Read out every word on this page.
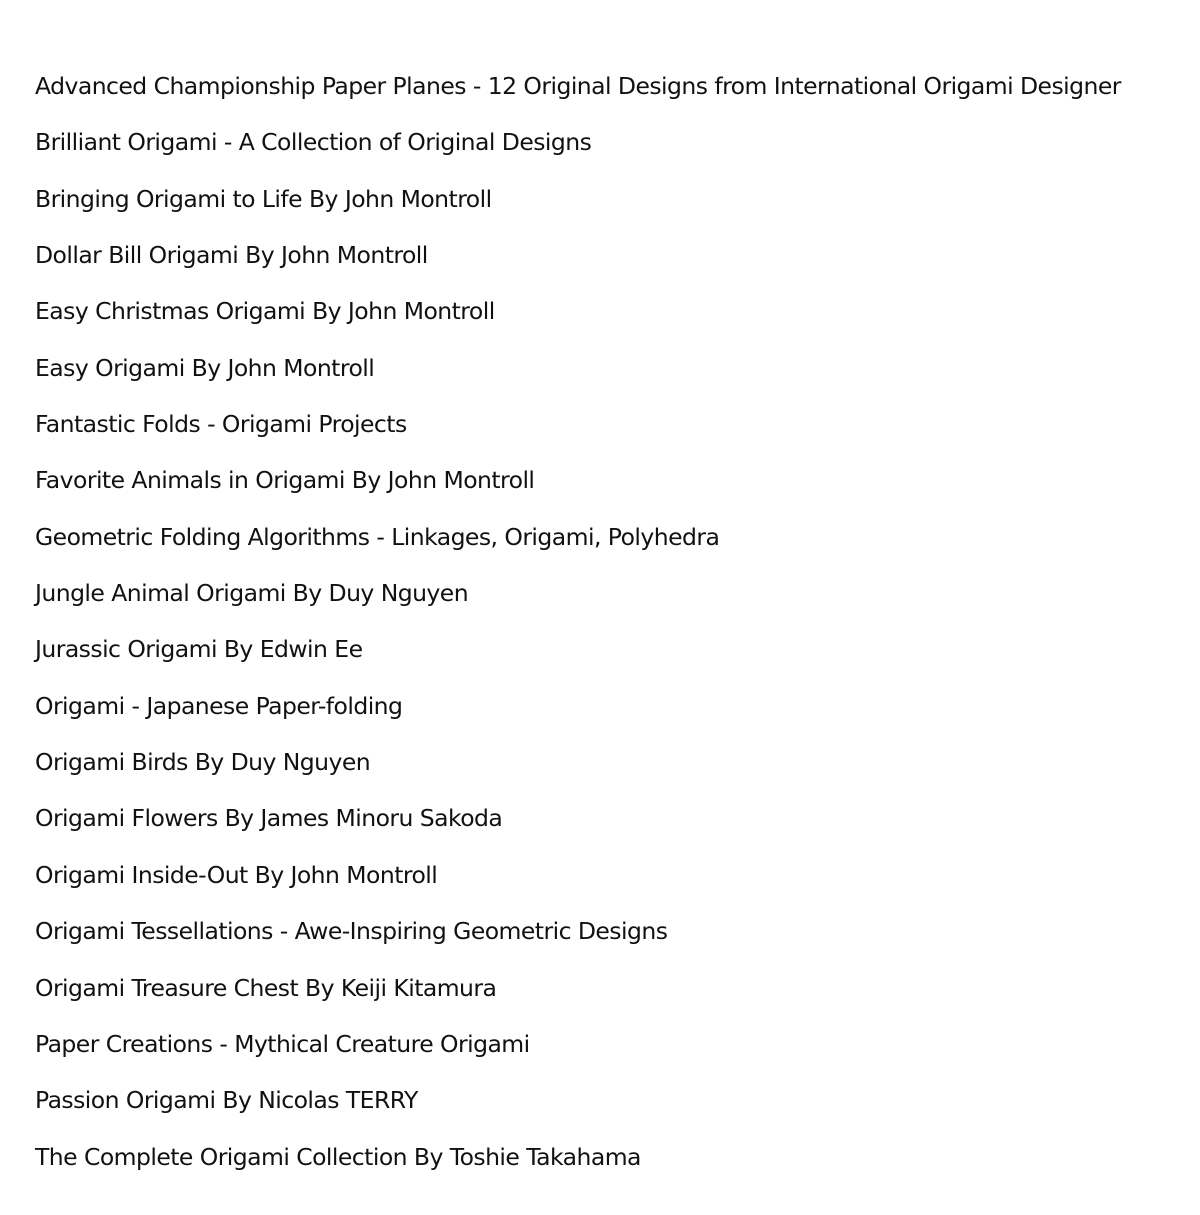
Advanced Championship Paper Planes - 12 Original Designs from International Origami Designer
Brilliant Origami - A Collection of Original Designs
Bringing Origami to Life By John Montroll
Dollar Bill Origami By John Montroll
Easy Christmas Origami By John Montroll
Easy Origami By John Montroll
Fantastic Folds - Origami Projects
Favorite Animals in Origami By John Montroll
Geometric Folding Algorithms - Linkages, Origami, Polyhedra
Jungle Animal Origami By Duy Nguyen
Jurassic Origami By Edwin Ee
Origami - Japanese Paper-folding
Origami Birds By Duy Nguyen
Origami Flowers By James Minoru Sakoda
Origami Inside-Out By John Montroll
Origami Tessellations - Awe-Inspiring Geometric Designs
Origami Treasure Chest By Keiji Kitamura
Paper Creations - Mythical Creature Origami
Passion Origami By Nicolas TERRY
The Complete Origami Collection By Toshie Takahama
